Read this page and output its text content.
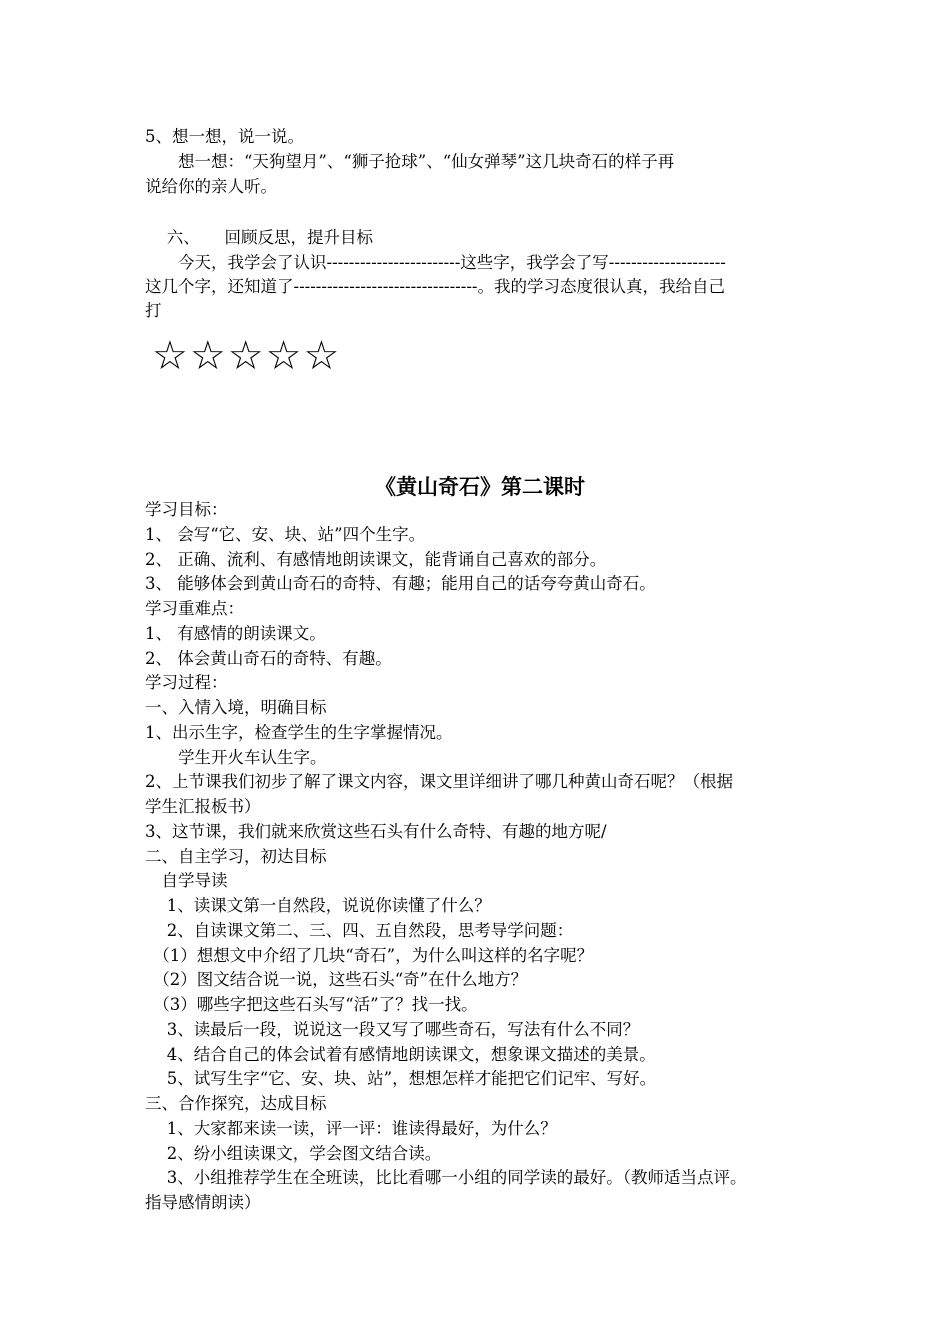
5、想一想，说一说。
　　想一想：“天狗望月”、“狮子抢球”、“仙女弹琴”这几块奇石的样子再
说给你的亲人听。
　 六、　　回顾反思，提升目标
　　今天，我学会了认识------------------------这些字，我学会了写---------------------
这几个字，还知道了---------------------------------。我的学习态度很认真，我给自己
打
☆☆☆☆☆
《黄山奇石》第二课时
学习目标：
1、 会写“它、安、块、站”四个生字。
2、 正确、流利、有感情地朗读课文，能背诵自己喜欢的部分。
3、 能够体会到黄山奇石的奇特、有趣；能用自己的话夸夸黄山奇石。
学习重难点：
1、 有感情的朗读课文。
2、 体会黄山奇石的奇特、有趣。
学习过程：
一、入情入境，明确目标
1、出示生字，检查学生的生字掌握情况。
　　学生开火车认生字。
2、上节课我们初步了解了课文内容，课文里详细讲了哪几种黄山奇石呢？（根据
学生汇报板书）
3、这节课，我们就来欣赏这些石头有什么奇特、有趣的地方呢/
二、自主学习，初达目标
　自学导读
　 1、读课文第一自然段，说说你读懂了什么？
　 2、自读课文第二、三、四、五自然段，思考导学问题：
　（1）想想文中介绍了几块“奇石”，为什么叫这样的名字呢？
　（2）图文结合说一说，这些石头“奇”在什么地方？
　（3）哪些字把这些石头写“活”了？找一找。
　 3、读最后一段，说说这一段又写了哪些奇石，写法有什么不同？
　 4、结合自己的体会试着有感情地朗读课文，想象课文描述的美景。
　 5、试写生字“它、安、块、站”，想想怎样才能把它们记牢、写好。
三、合作探究，达成目标
　 1、大家都来读一读，评一评：谁读得最好，为什么？
　 2、纷小组读课文，学会图文结合读。
　 3、小组推荐学生在全班读，比比看哪一小组的同学读的最好。（教师适当点评。
指导感情朗读）
